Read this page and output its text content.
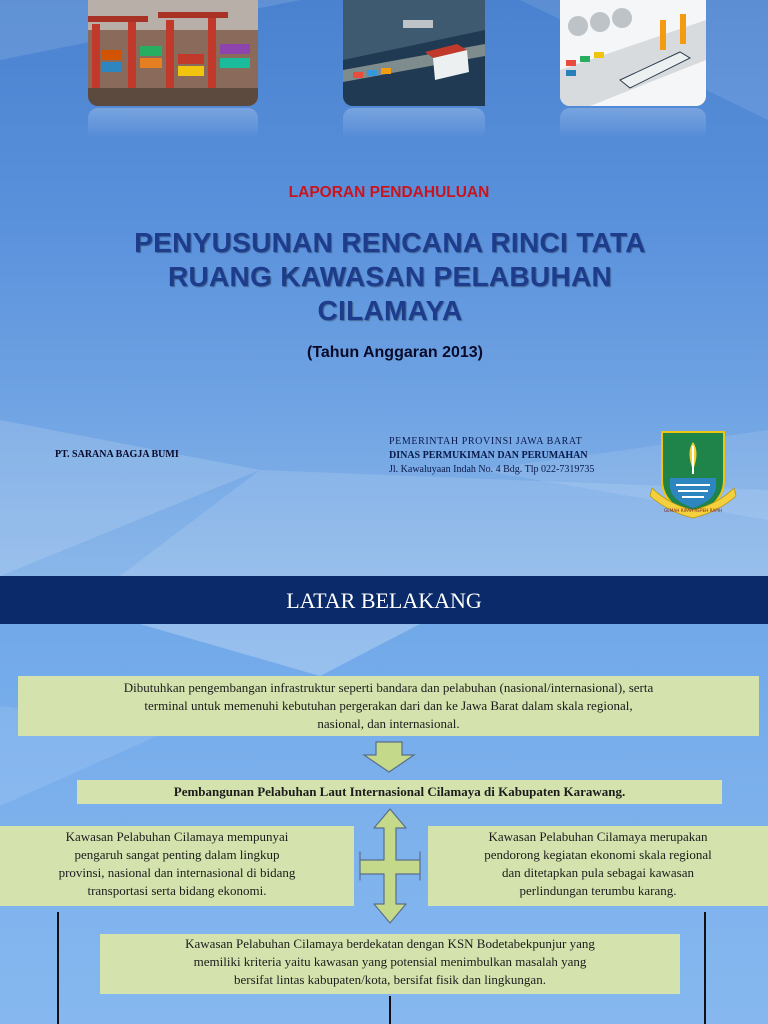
LAPORAN PENDAHULUAN
PENYUSUNAN RENCANA RINCI TATA
RUANG KAWASAN PELABUHAN
CILAMAYA
(Tahun Anggaran 2013)
PT. SARANA BAGJA BUMI
PEMERINTAH PROVINSI JAWA BARAT
DINAS PERMUKIMAN DAN PERUMAHAN
Jl. Kawaluyaan Indah No. 4 Bdg. Tlp 022-7319735
GEMAH RIPAH REPEH RAPIH
LATAR BELAKANG
Dibutuhkan pengembangan infrastruktur seperti bandara dan pelabuhan (nasional/internasional), serta
terminal untuk memenuhi kebutuhan pergerakan dari dan ke Jawa Barat dalam skala regional,
nasional, dan internasional.
Pembangunan Pelabuhan Laut Internasional Cilamaya di Kabupaten Karawang.
Kawasan Pelabuhan Cilamaya mempunyai
pengaruh sangat penting dalam lingkup
provinsi, nasional dan internasional di bidang
transportasi serta bidang ekonomi.
Kawasan Pelabuhan Cilamaya merupakan
pendorong kegiatan ekonomi skala regional
dan ditetapkan pula sebagai kawasan
perlindungan terumbu karang.
Kawasan Pelabuhan Cilamaya berdekatan dengan KSN Bodetabekpunjur yang
memiliki kriteria yaitu kawasan yang potensial menimbulkan masalah yang
bersifat lintas kabupaten/kota, bersifat fisik dan lingkungan.
